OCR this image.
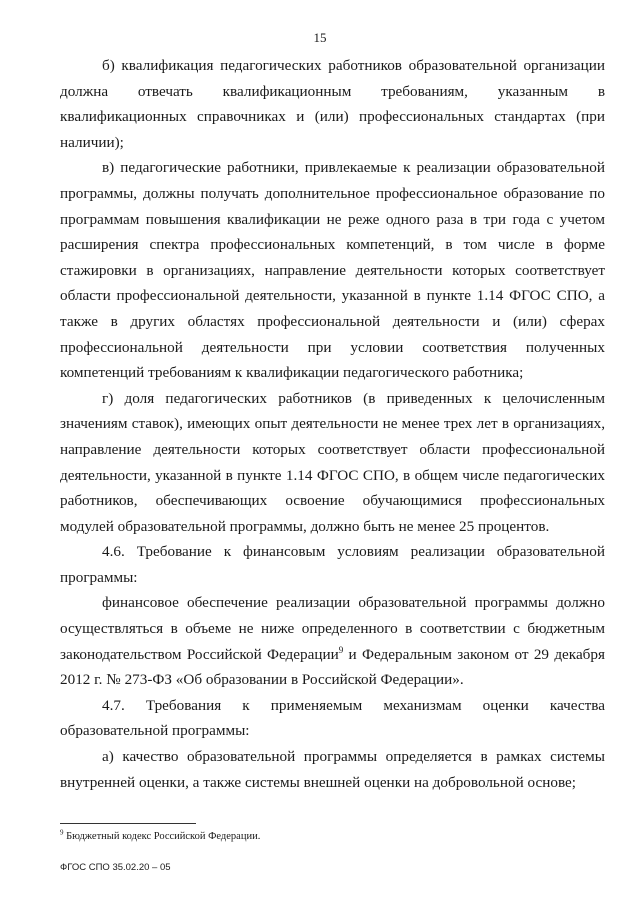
15

б) квалификация педагогических работников образовательной организации должна отвечать квалификационным требованиям, указанным в квалификационных справочниках и (или) профессиональных стандартах (при наличии);

в) педагогические работники, привлекаемые к реализации образовательной программы, должны получать дополнительное профессиональное образование по программам повышения квалификации не реже одного раза в три года с учетом расширения спектра профессиональных компетенций, в том числе в форме стажировки в организациях, направление деятельности которых соответствует области профессиональной деятельности, указанной в пункте 1.14 ФГОС СПО, а также в других областях профессиональной деятельности и (или) сферах профессиональной деятельности при условии соответствия полученных компетенций требованиям к квалификации педагогического работника;

г) доля педагогических работников (в приведенных к целочисленным значениям ставок), имеющих опыт деятельности не менее трех лет в организациях, направление деятельности которых соответствует области профессиональной деятельности, указанной в пункте 1.14 ФГОС СПО, в общем числе педагогических работников, обеспечивающих освоение обучающимися профессиональных модулей образовательной программы, должно быть не менее 25 процентов.

4.6. Требование к финансовым условиям реализации образовательной программы:

финансовое обеспечение реализации образовательной программы должно осуществляться в объеме не ниже определенного в соответствии с бюджетным законодательством Российской Федерации$^9$ и Федеральным законом от 29 декабря 2012 г. № 273-ФЗ «Об образовании в Российской Федерации».

4.7. Требования к применяемым механизмам оценки качества образовательной программы:

а) качество образовательной программы определяется в рамках системы внутренней оценки, а также системы внешней оценки на добровольной основе;

$^9$ Бюджетный кодекс Российской Федерации.
ФГОС СПО 35.02.20 – 05
